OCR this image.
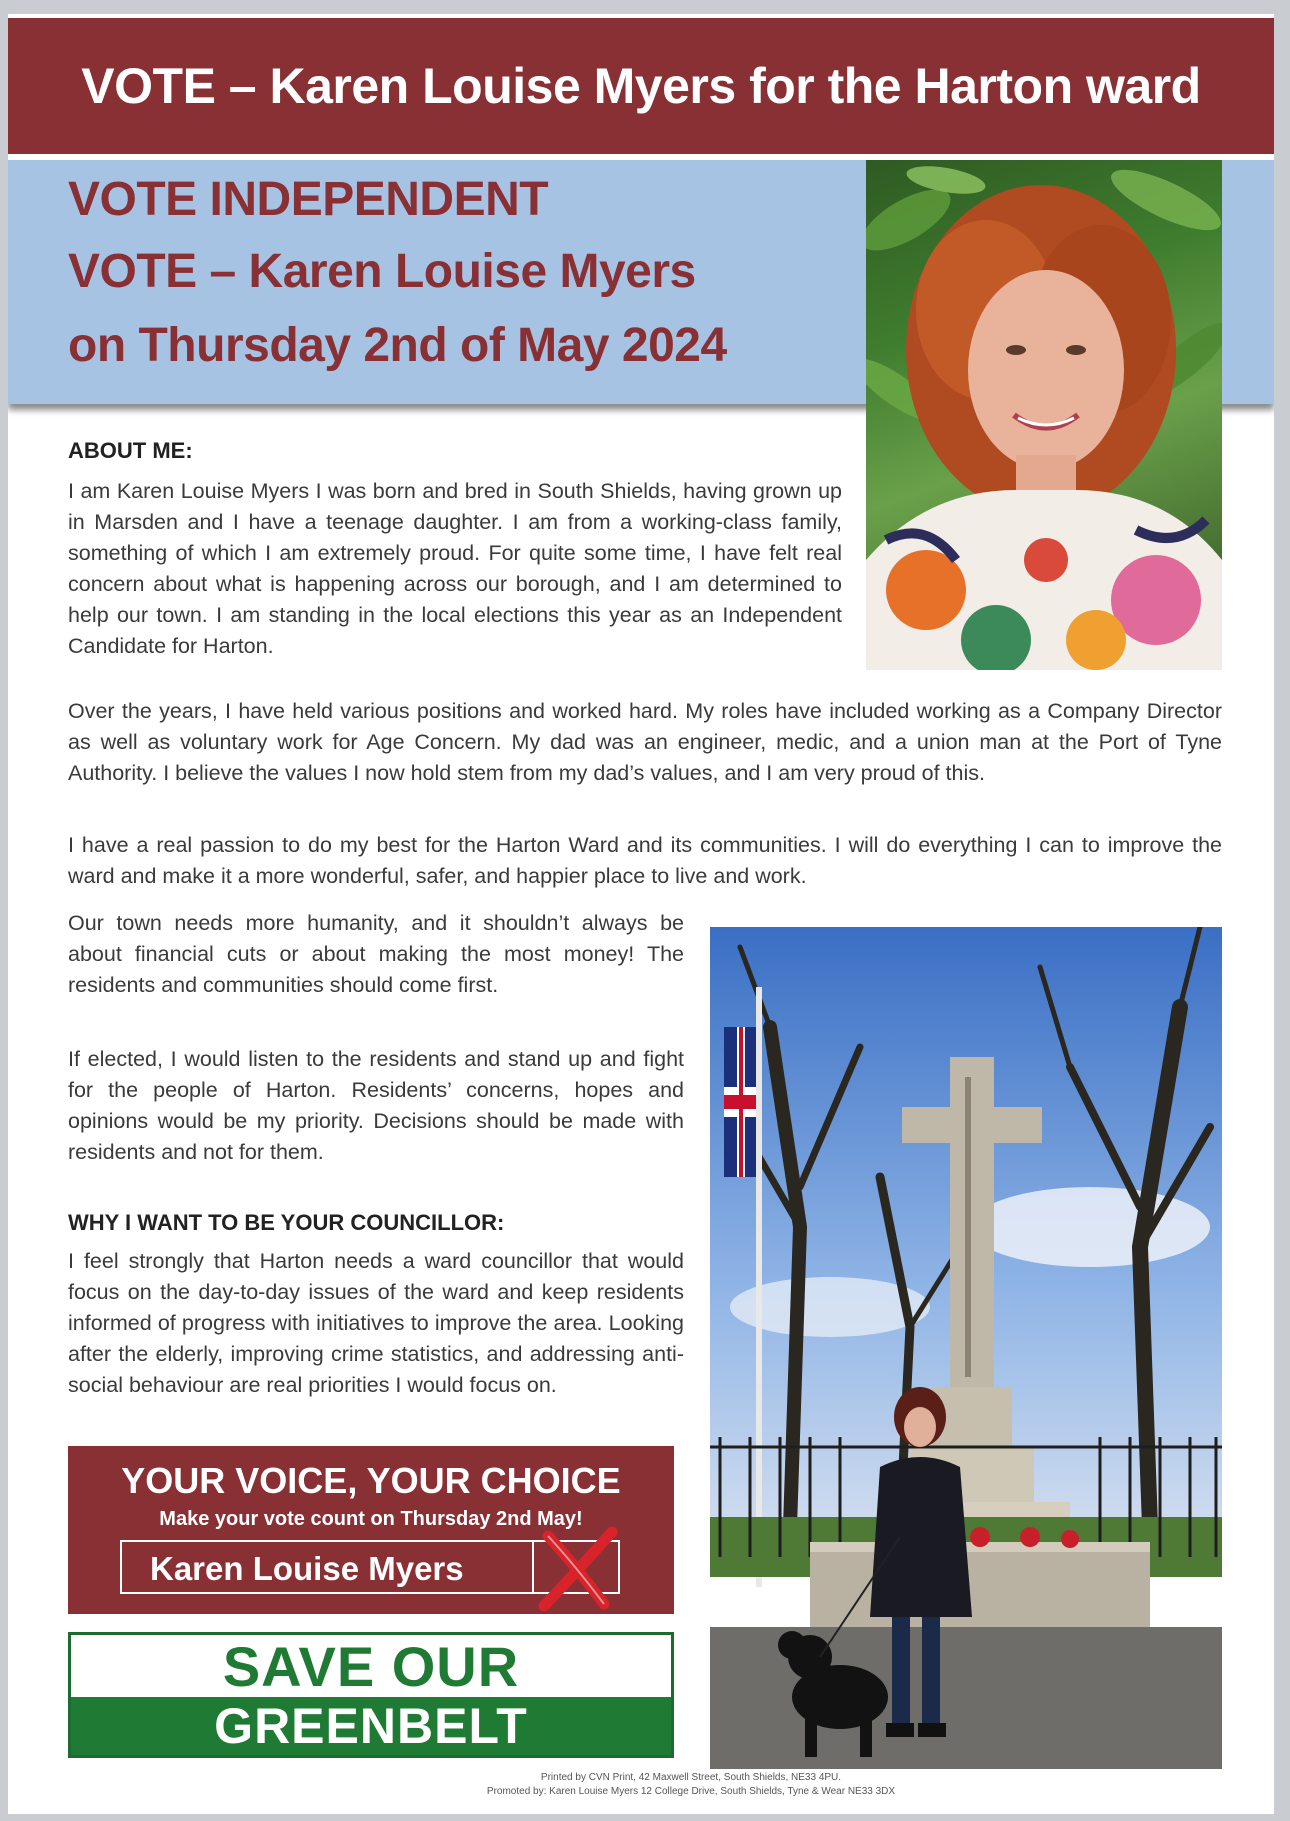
VOTE – Karen Louise Myers for the Harton ward
VOTE INDEPENDENT
VOTE – Karen Louise Myers
on Thursday 2nd of May 2024
ABOUT ME:

I am Karen Louise Myers I was born and bred in South Shields, having grown up in Marsden and I have a teenage daughter. I am from a working-class family, something of which I am extremely proud. For quite some time, I have felt real concern about what is happening across our borough, and I am determined to help our town. I am standing in the local elections this year as an Independent Candidate for Harton.

Over the years, I have held various positions and worked hard. My roles have included working as a Company Director as well as voluntary work for Age Concern. My dad was an engineer, medic, and a union man at the Port of Tyne Authority. I believe the values I now hold stem from my dad’s values, and I am very proud of this.

I have a real passion to do my best for the Harton Ward and its communities. I will do everything I can to improve the ward and make it a more wonderful, safer, and happier place to live and work.

Our town needs more humanity, and it shouldn’t always be about financial cuts or about making the most money! The residents and communities should come first.

If elected, I would listen to the residents and stand up and fight for the people of Harton. Residents’ concerns, hopes and opinions would be my priority. Decisions should be made with residents and not for them.

WHY I WANT TO BE YOUR COUNCILLOR:

I feel strongly that Harton needs a ward councillor that would focus on the day-to-day issues of the ward and keep residents informed of progress with initiatives to improve the area. Looking after the elderly, improving crime statistics, and addressing anti-social behaviour are real priorities I would focus on.

YOUR VOICE, YOUR CHOICE
Make your vote count on Thursday 2nd May!
Karen Louise Myers
SAVE OUR
GREENBELT
Printed by CVN Print, 42 Maxwell Street, South Shields, NE33 4PU.
Promoted by: Karen Louise Myers 12 College Drive, South Shields, Tyne & Wear NE33 3DX
